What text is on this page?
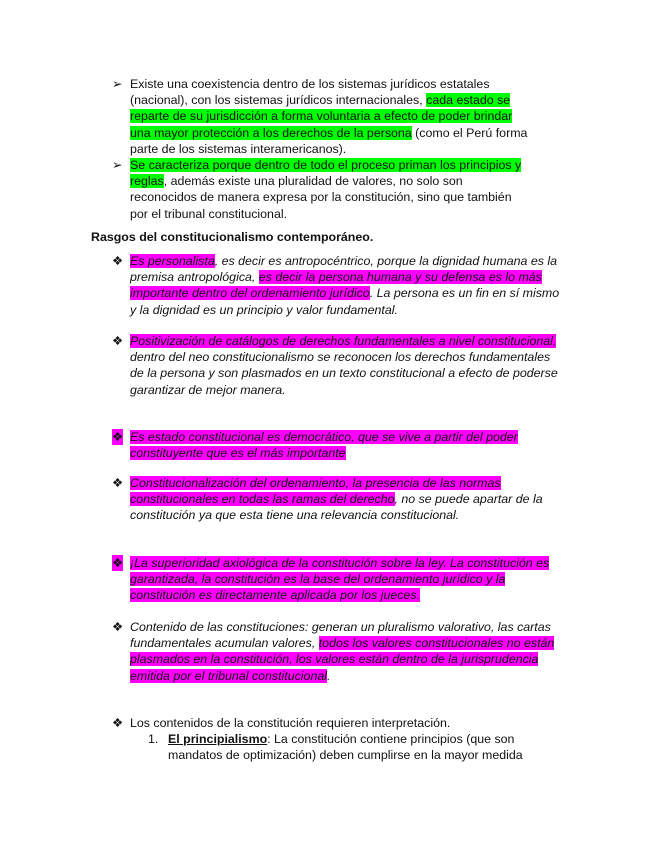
➢ Existe una coexistencia dentro de los sistemas jurídicos estatales (nacional), con los sistemas jurídicos internacionales, cada estado se reparte de su jurisdicción a forma voluntaria a efecto de poder brindar una mayor protección a los derechos de la persona (como el Perú forma parte de los sistemas interamericanos).
➢ Se caracteriza porque dentro de todo el proceso priman los principios y reglas, además existe una pluralidad de valores, no solo son reconocidos de manera expresa por la constitución, sino que también por el tribunal constitucional.
Rasgos del constitucionalismo contemporáneo.
❖ Es personalista, es decir es antropocéntrico, porque la dignidad humana es la premisa antropológica, es decir la persona humana y su defensa es lo más importante dentro del ordenamiento jurídico. La persona es un fin en sí mismo y la dignidad es un principio y valor fundamental.
❖ Positivización de catálogos de derechos fundamentales a nivel constitucional, dentro del neo constitucionalismo se reconocen los derechos fundamentales de la persona y son plasmados en un texto constitucional a efecto de poderse garantizar de mejor manera.
❖ Es estado constitucional es democrático, que se vive a partir del poder constituyente que es el más importante
❖ Constitucionalización del ordenamiento, la presencia de las normas constitucionales en todas las ramas del derecho, no se puede apartar de la constitución ya que esta tiene una relevancia constitucional.
❖ ¡La superioridad axiológica de la constitución sobre la ley. La constitución es garantizada, la constitución es la base del ordenamiento jurídico y la constitución es directamente aplicada por los jueces.
❖ Contenido de las constituciones: generan un pluralismo valorativo, las cartas fundamentales acumulan valores, todos los valores constitucionales no están plasmados en la constitución, los valores están dentro de la jurisprudencia emitida por el tribunal constitucional.
❖ Los contenidos de la constitución requieren interpretación.
1. El principialismo: La constitución contiene principios (que son mandatos de optimización) deben cumplirse en la mayor medida
